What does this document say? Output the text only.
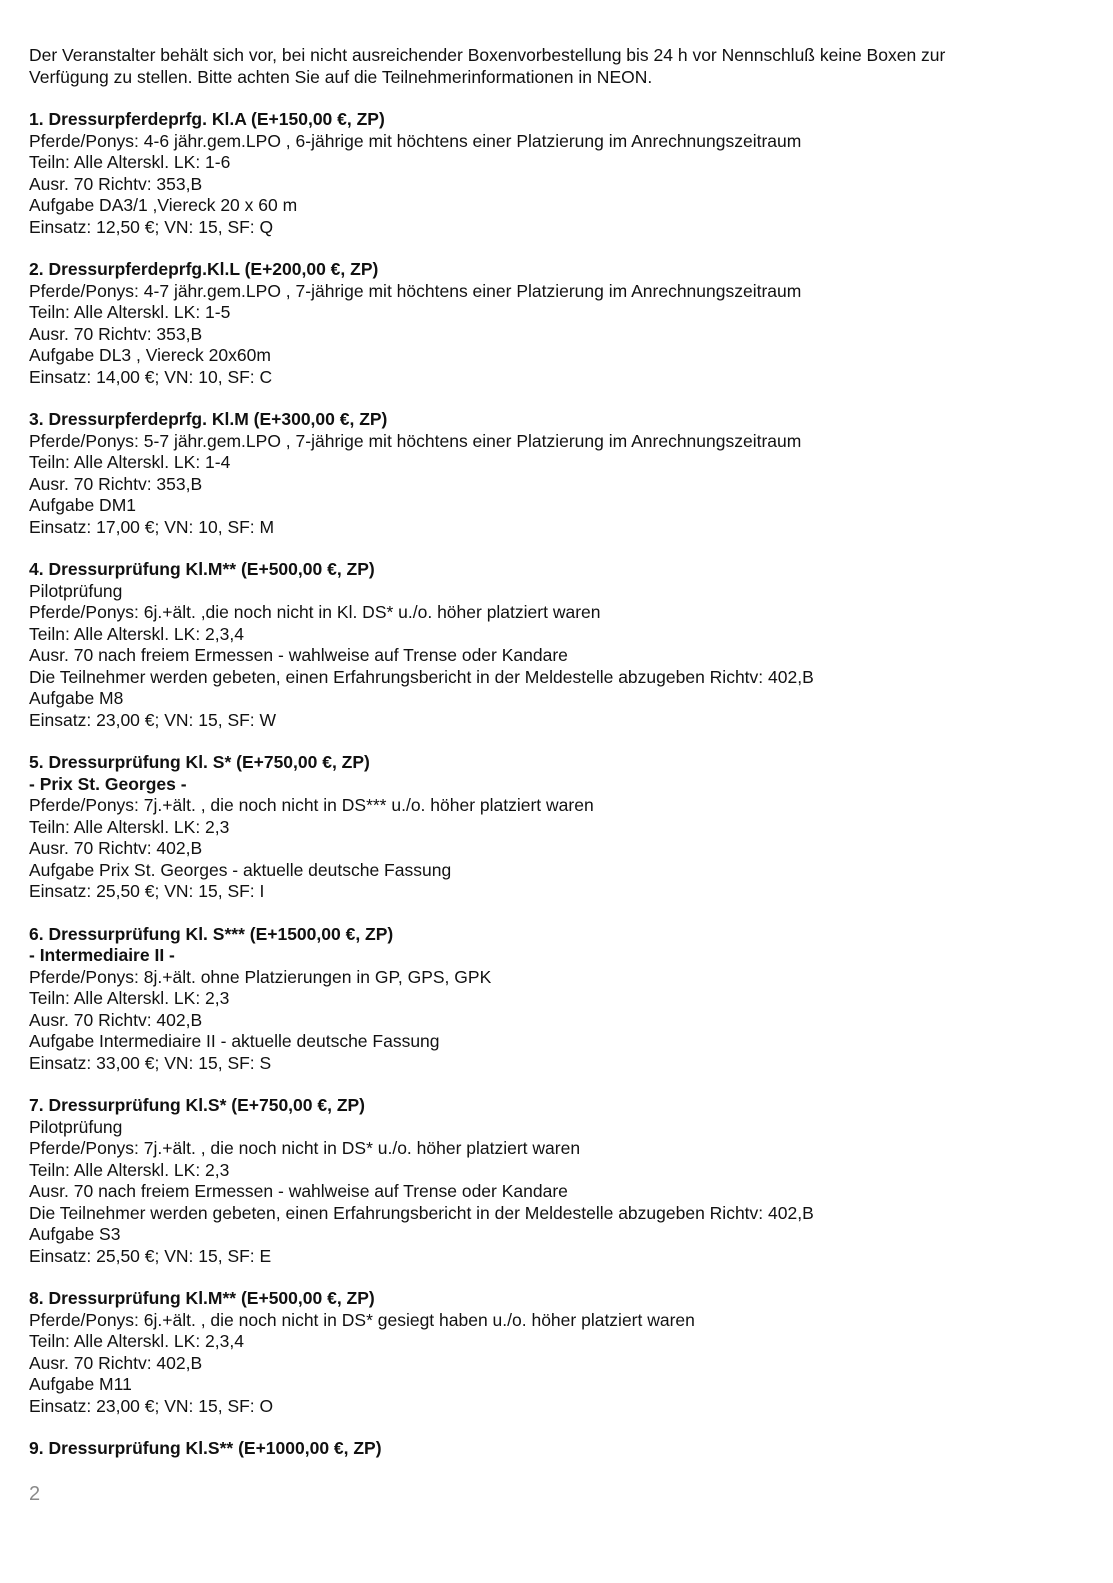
Der Veranstalter behält sich vor, bei nicht ausreichender Boxenvorbestellung bis 24 h vor Nennschluß keine Boxen zur
Verfügung zu stellen. Bitte achten Sie auf die Teilnehmerinformationen in NEON.
1. Dressurpferdeprfg. Kl.A (E+150,00 €, ZP)
Pferde/Ponys: 4-6 jähr.gem.LPO , 6-jährige mit höchtens einer Platzierung im Anrechnungszeitraum
Teiln: Alle Alterskl. LK: 1-6
Ausr. 70 Richtv: 353,B
Aufgabe DA3/1 ,Viereck 20 x 60 m
Einsatz: 12,50 €; VN: 15, SF: Q
2. Dressurpferdeprfg.Kl.L (E+200,00 €, ZP)
Pferde/Ponys: 4-7 jähr.gem.LPO , 7-jährige mit höchtens einer Platzierung im Anrechnungszeitraum
Teiln: Alle Alterskl. LK: 1-5
Ausr. 70 Richtv: 353,B
Aufgabe DL3 , Viereck 20x60m
Einsatz: 14,00 €; VN: 10, SF: C
3. Dressurpferdeprfg. Kl.M (E+300,00 €, ZP)
Pferde/Ponys: 5-7 jähr.gem.LPO , 7-jährige mit höchtens einer Platzierung im Anrechnungszeitraum
Teiln: Alle Alterskl. LK: 1-4
Ausr. 70 Richtv: 353,B
Aufgabe DM1
Einsatz: 17,00 €; VN: 10, SF: M
4. Dressurprüfung Kl.M** (E+500,00 €, ZP)
Pilotprüfung
Pferde/Ponys: 6j.+ält. ,die noch nicht in Kl. DS* u./o. höher platziert waren
Teiln: Alle Alterskl. LK: 2,3,4
Ausr. 70 nach freiem Ermessen - wahlweise auf Trense oder Kandare
Die Teilnehmer werden gebeten, einen Erfahrungsbericht in der Meldestelle abzugeben Richtv: 402,B
Aufgabe M8
Einsatz: 23,00 €; VN: 15, SF: W
5. Dressurprüfung Kl. S* (E+750,00 €, ZP)
- Prix St. Georges -
Pferde/Ponys: 7j.+ält. , die noch nicht in DS*** u./o. höher platziert waren
Teiln: Alle Alterskl. LK: 2,3
Ausr. 70 Richtv: 402,B
Aufgabe Prix St. Georges - aktuelle deutsche Fassung
Einsatz: 25,50 €; VN: 15, SF: I
6. Dressurprüfung Kl. S*** (E+1500,00 €, ZP)
- Intermediaire II -
Pferde/Ponys: 8j.+ält. ohne Platzierungen in GP, GPS, GPK
Teiln: Alle Alterskl. LK: 2,3
Ausr. 70 Richtv: 402,B
Aufgabe Intermediaire II - aktuelle deutsche Fassung
Einsatz: 33,00 €; VN: 15, SF: S
7. Dressurprüfung Kl.S* (E+750,00 €, ZP)
Pilotprüfung
Pferde/Ponys: 7j.+ält. , die noch nicht in DS* u./o. höher platziert waren
Teiln: Alle Alterskl. LK: 2,3
Ausr. 70 nach freiem Ermessen - wahlweise auf Trense oder Kandare
Die Teilnehmer werden gebeten, einen Erfahrungsbericht in der Meldestelle abzugeben Richtv: 402,B
Aufgabe S3
Einsatz: 25,50 €; VN: 15, SF: E
8. Dressurprüfung Kl.M** (E+500,00 €, ZP)
Pferde/Ponys: 6j.+ält. , die noch nicht in DS* gesiegt haben u./o. höher platziert waren
Teiln: Alle Alterskl. LK: 2,3,4
Ausr. 70 Richtv: 402,B
Aufgabe M11
Einsatz: 23,00 €; VN: 15, SF: O
9. Dressurprüfung Kl.S** (E+1000,00 €, ZP)
2
